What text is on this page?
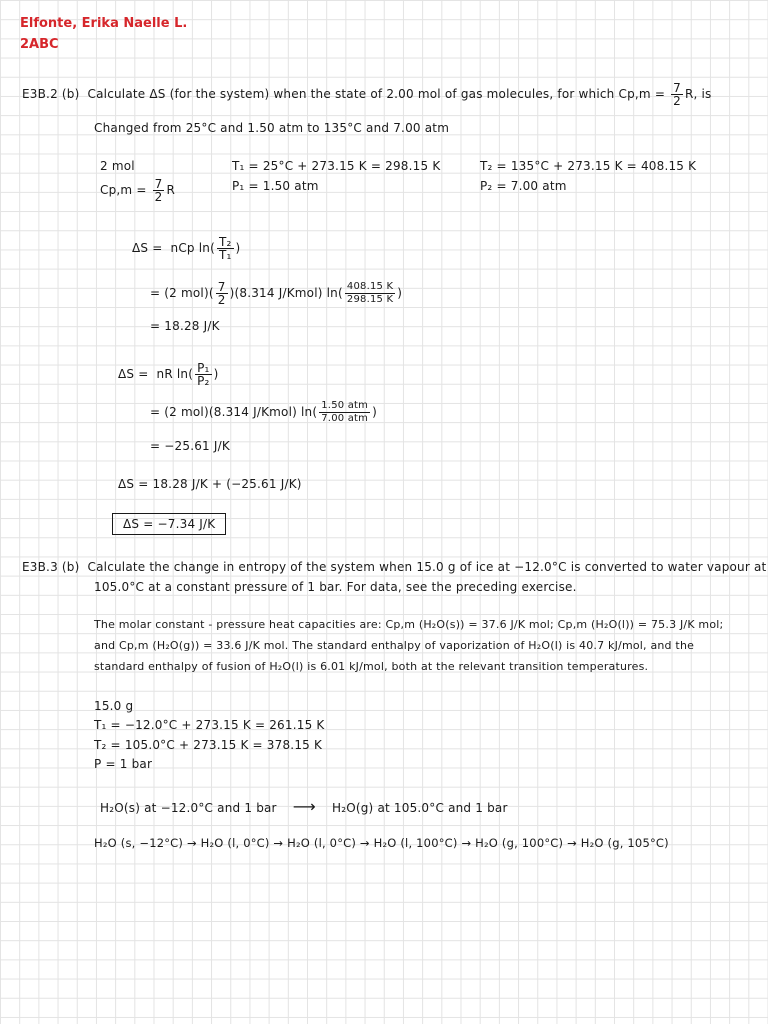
Elfonte, Erika Naelle L.
2ABC
E3B.2 (b) Calculate ΔS (for the system) when the state of 2.00 mol of gas molecules, for which $Cp,m = \frac{7}{2} R$, is
Changed from 25°C and 1.50 atm to 135°C and 7.00 atm
2 mol
$Cp,m = \frac{7}{2}$ R
T₁ = 25°C + 273.15 K = 298.15 K
P₁ = 1.50 atm
T₂ = 135°C + 273.15 K = 408.15 K
P₂ = 7.00 atm
ΔS = nCp $\ln( \frac{\text{T₂}}{\text{T₁}}$ )
= (2 $mol)( \frac{7}{2} )(8.314$ J/Kmol) $\ln( \frac{408.15 K}{298.15 K}$ )
= 18.28 J/K
ΔS = nR $\ln( \frac{\text{P₁}}{\text{P₂}}$ )
= (2 mol)(8.314 J/Kmol) $\ln( \frac{\text{1.50 atm}}{\text{7.00 atm}}$ )
= −25.61 J/K
ΔS = 18.28 J/K + (−25.61 J/K)
ΔS = −7.34 J/K
E3B.3 (b) Calculate the change in entropy of the system when 15.0 g of ice at −12.0°C is converted to water vapour at
105.0°C at a constant pressure of 1 bar. For data, see the preceding exercise.
The molar constant - pressure heat capacities are: Cp,m (H₂O(s)) = 37.6 J/K mol; Cp,m (H₂O(l)) = 75.3 J/K mol;
and Cp,m (H₂O(g)) = 33.6 J/K mol. The standard enthalpy of vaporization of H₂O(l) is 40.7 kJ/mol, and the
standard enthalpy of fusion of H₂O(l) is 6.01 kJ/mol, both at the relevant transition temperatures.
15.0 g
T₁ = −12.0°C + 273.15 K = 261.15 K
T₂ = 105.0°C + 273.15 K = 378.15 K
P = 1 bar
H₂O(s) at −12.0°C and 1 bar ⟶ H₂O(g) at 105.0°C and 1 bar
H₂O (s, −12°C) → H₂O (l, 0°C) → H₂O (l, 0°C) → H₂O (l, 100°C) → H₂O (g, 100°C) → H₂O (g, 105°C)
